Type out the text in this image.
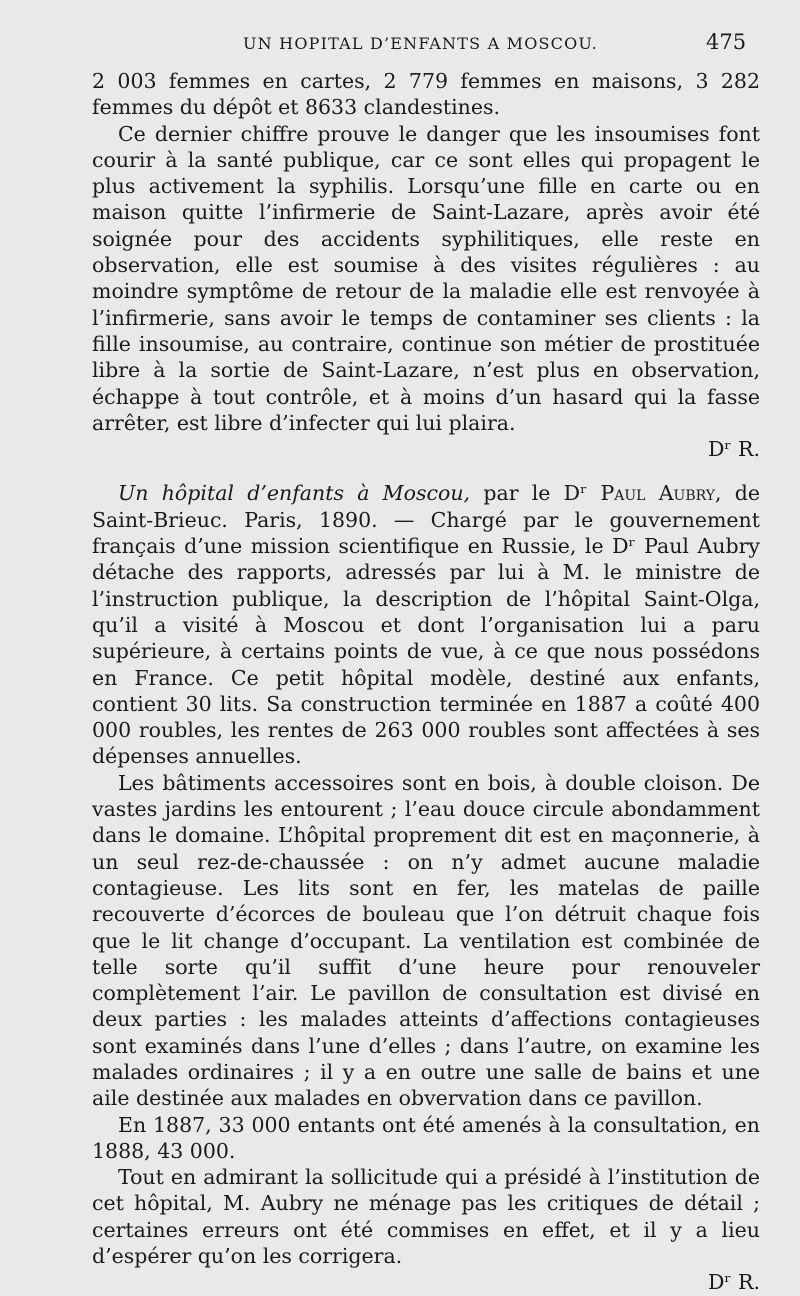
UN HOPITAL D’ENFANTS A MOSCOU.	475

2 003 femmes en cartes, 2 779 femmes en maisons, 3 282 femmes du dépôt et 8633 clandestines.

Ce dernier chiffre prouve le danger que les insoumises font courir à la santé publique, car ce sont elles qui propagent le plus activement la syphilis. Lorsqu’une fille en carte ou en maison quitte l’infirmerie de Saint-Lazare, après avoir été soignée pour des accidents syphilitiques, elle reste en observation, elle est soumise à des visites régulières : au moindre symptôme de retour de la maladie elle est renvoyée à l’infirmerie, sans avoir le temps de contaminer ses clients : la fille insoumise, au contraire, continue son métier de prostituée libre à la sortie de Saint-Lazare, n’est plus en observation, échappe à tout contrôle, et à moins d’un hasard qui la fasse arrêter, est libre d’infecter qui lui plaira.
Dʳ R.

Un hôpital d’enfants à Moscou, par le Dʳ Paul Aubry, de Saint-Brieuc. Paris, 1890. — Chargé par le gouvernement français d’une mission scientifique en Russie, le Dʳ Paul Aubry détache des rapports, adressés par lui à M. le ministre de l’instruction publique, la description de l’hôpital Saint-Olga, qu’il a visité à Moscou et dont l’organisation lui a paru supérieure, à certains points de vue, à ce que nous possédons en France. Ce petit hôpital modèle, destiné aux enfants, contient 30 lits. Sa construction terminée en 1887 a coûté 400 000 roubles, les rentes de 263 000 roubles sont affectées à ses dépenses annuelles.

Les bâtiments accessoires sont en bois, à double cloison. De vastes jardins les entourent ; l’eau douce circule abondamment dans le domaine. L’hôpital proprement dit est en maçonnerie, à un seul rez-de-chaussée : on n’y admet aucune maladie contagieuse. Les lits sont en fer, les matelas de paille recouverte d’écorces de bouleau que l’on détruit chaque fois que le lit change d’occupant. La ventilation est combinée de telle sorte qu’il suffit d’une heure pour renouveler complètement l’air. Le pavillon de consultation est divisé en deux parties : les malades atteints d’affections contagieuses sont examinés dans l’une d’elles ; dans l’autre, on examine les malades ordinaires ; il y a en outre une salle de bains et une aile destinée aux malades en obvervation dans ce pavillon.

En 1887, 33 000 entants ont été amenés à la consultation, en 1888, 43 000.

Tout en admirant la sollicitude qui a présidé à l’institution de cet hôpital, M. Aubry ne ménage pas les critiques de détail ; certaines erreurs ont été commises en effet, et il y a lieu d’espérer qu’on les corrigera.
Dʳ R.
